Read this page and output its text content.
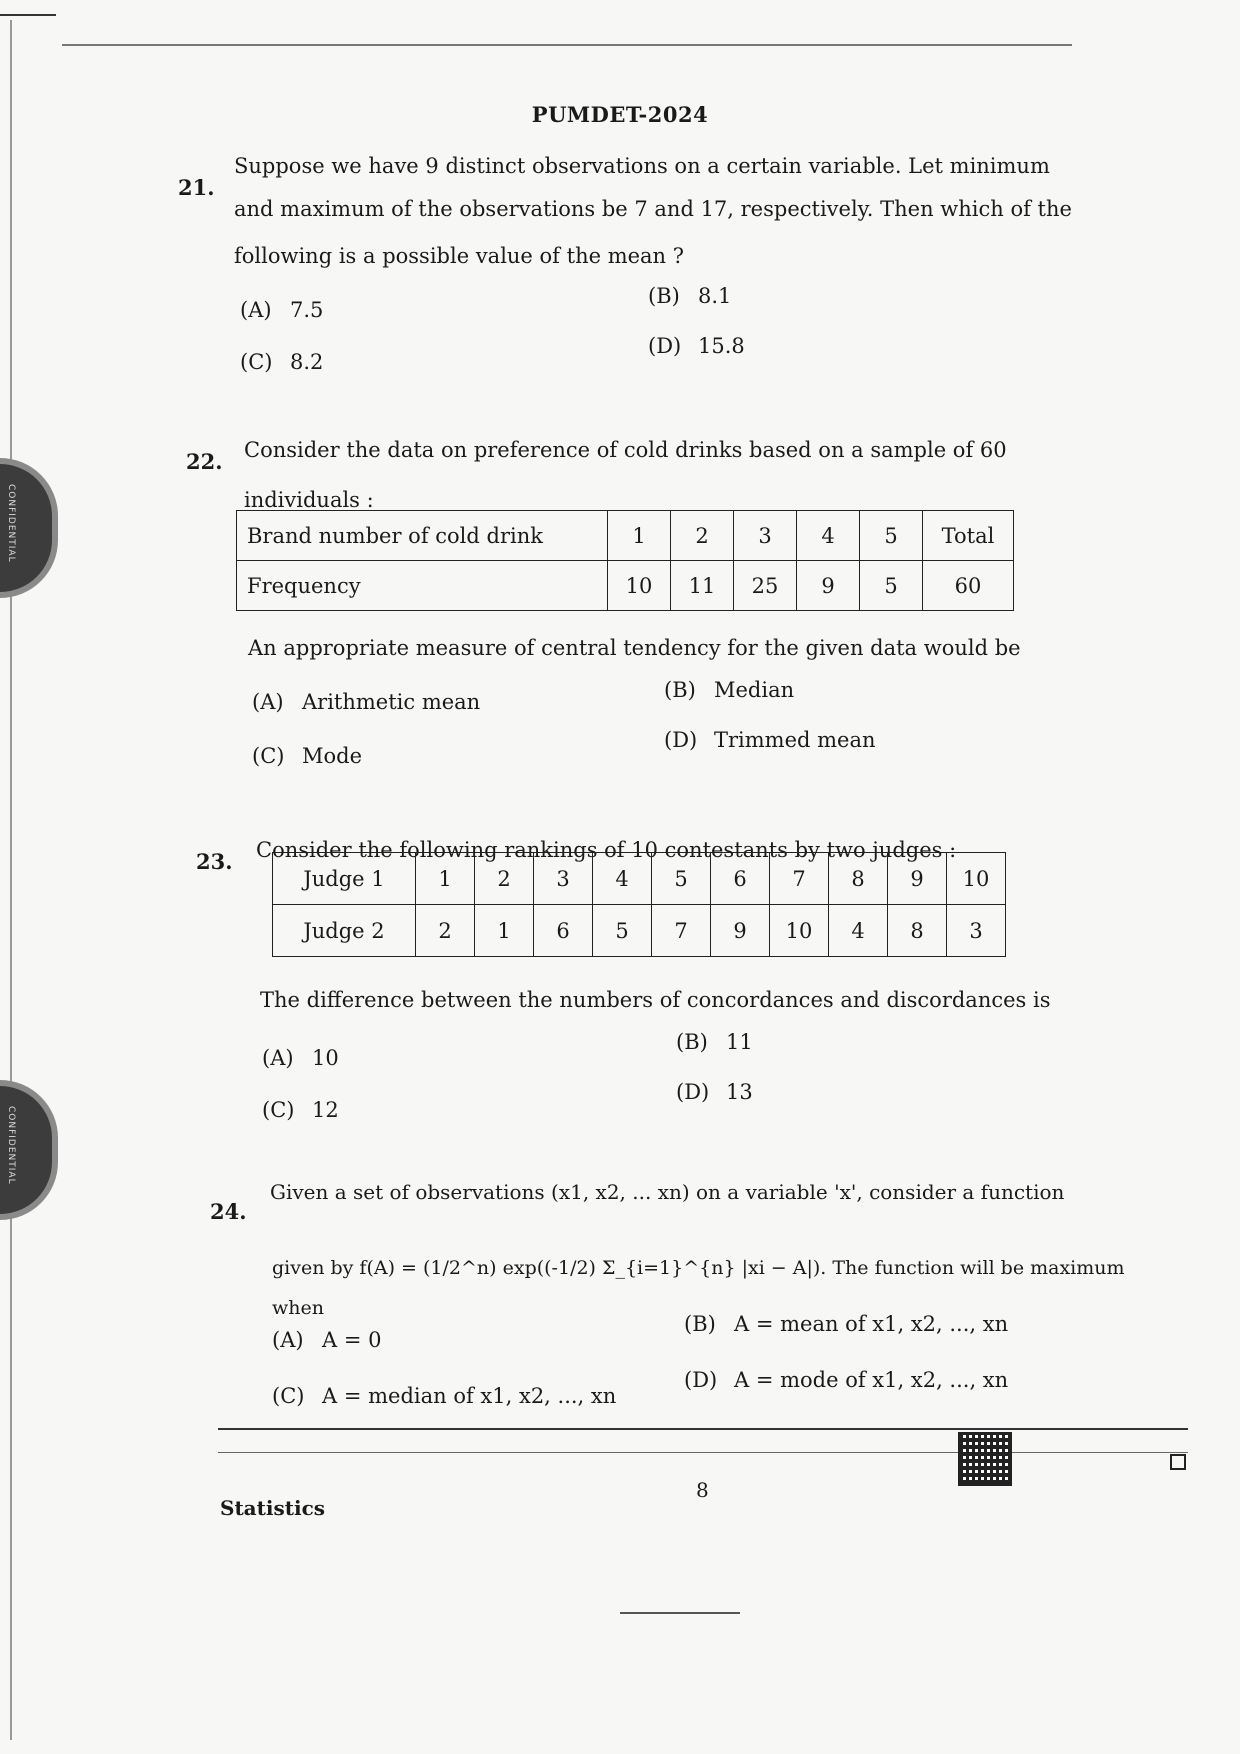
CONFIDENTIAL
CONFIDENTIAL
PUMDET-2024
21.
Suppose we have 9 distinct observations on a certain variable. Let minimum
and maximum of the observations be 7 and 17, respectively. Then which of the
following is a possible value of the mean ?
(A) 7.5
(B) 8.1
(C) 8.2
(D) 15.8
22. Consider the data on preference of cold drinks based on a sample of 60
individuals :
An appropriate measure of central tendency for the given data would be
Brand number of cold drink	1	2	3	4	5	Total
Frequency	10	11	25	9	5	60
(A) Arithmetic mean	(B) Median
(C) Mode
(D) Trimmed mean
23. Consider the following rankings of 10 contestants by two judges :
The difference between the numbers of concordances and discordances is
Judge 1	1	2	3	4	5	6	7	8	9	10
Judge 2	2	1	6	5	7	9	10	4	8	3
(A) 10
(B) 11
(C) 12
(D) 13
24.
Given a set of observations (x1, x2, ... xn) on a variable 'x', consider a function
given by f(A) = (1/2^n) exp((-1/2) Σ_{i=1}^{n} |xi − A|). The function will be maximum when
(A) A = 0
(B) A = mean of x1, x2, ..., xn
(C) A = median of x1, x2, ..., xn
(D) A = mode of x1, x2, ..., xn
Statistics
8
